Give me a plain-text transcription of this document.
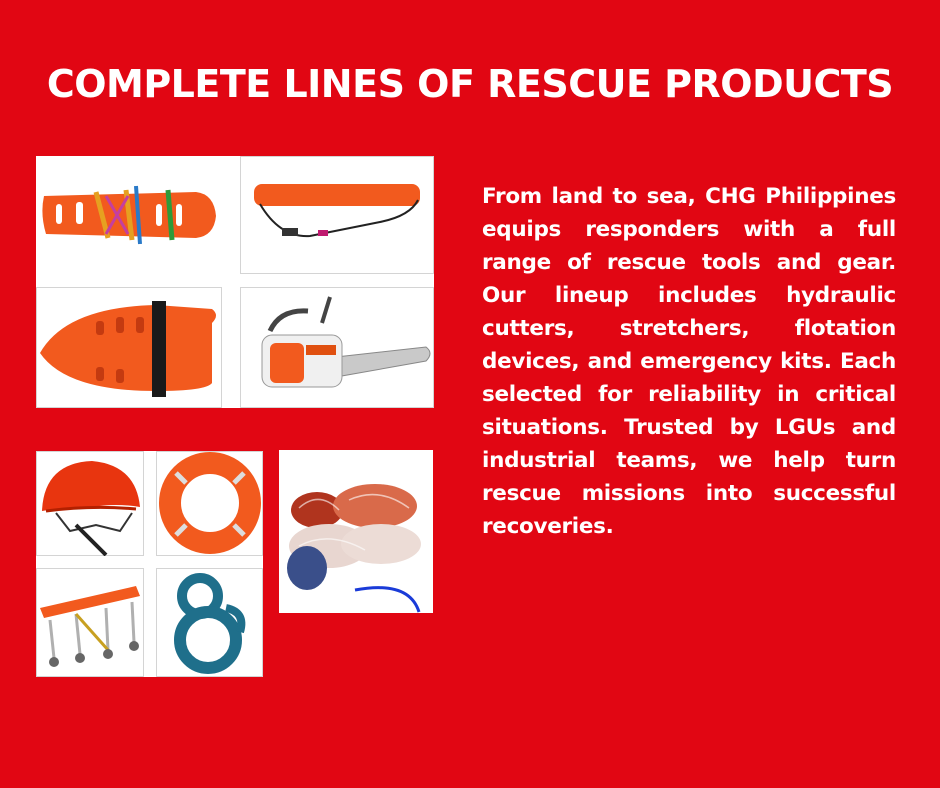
COMPLETE LINES OF RESCUE PRODUCTS

From land to sea, CHG Philippines equips responders with a full range of rescue tools and gear. Our lineup includes hydraulic cutters, stretchers, flotation devices, and emergency kits. Each selected for reliability in critical situations. Trusted by LGUs and industrial teams, we help turn rescue missions into successful recoveries.
